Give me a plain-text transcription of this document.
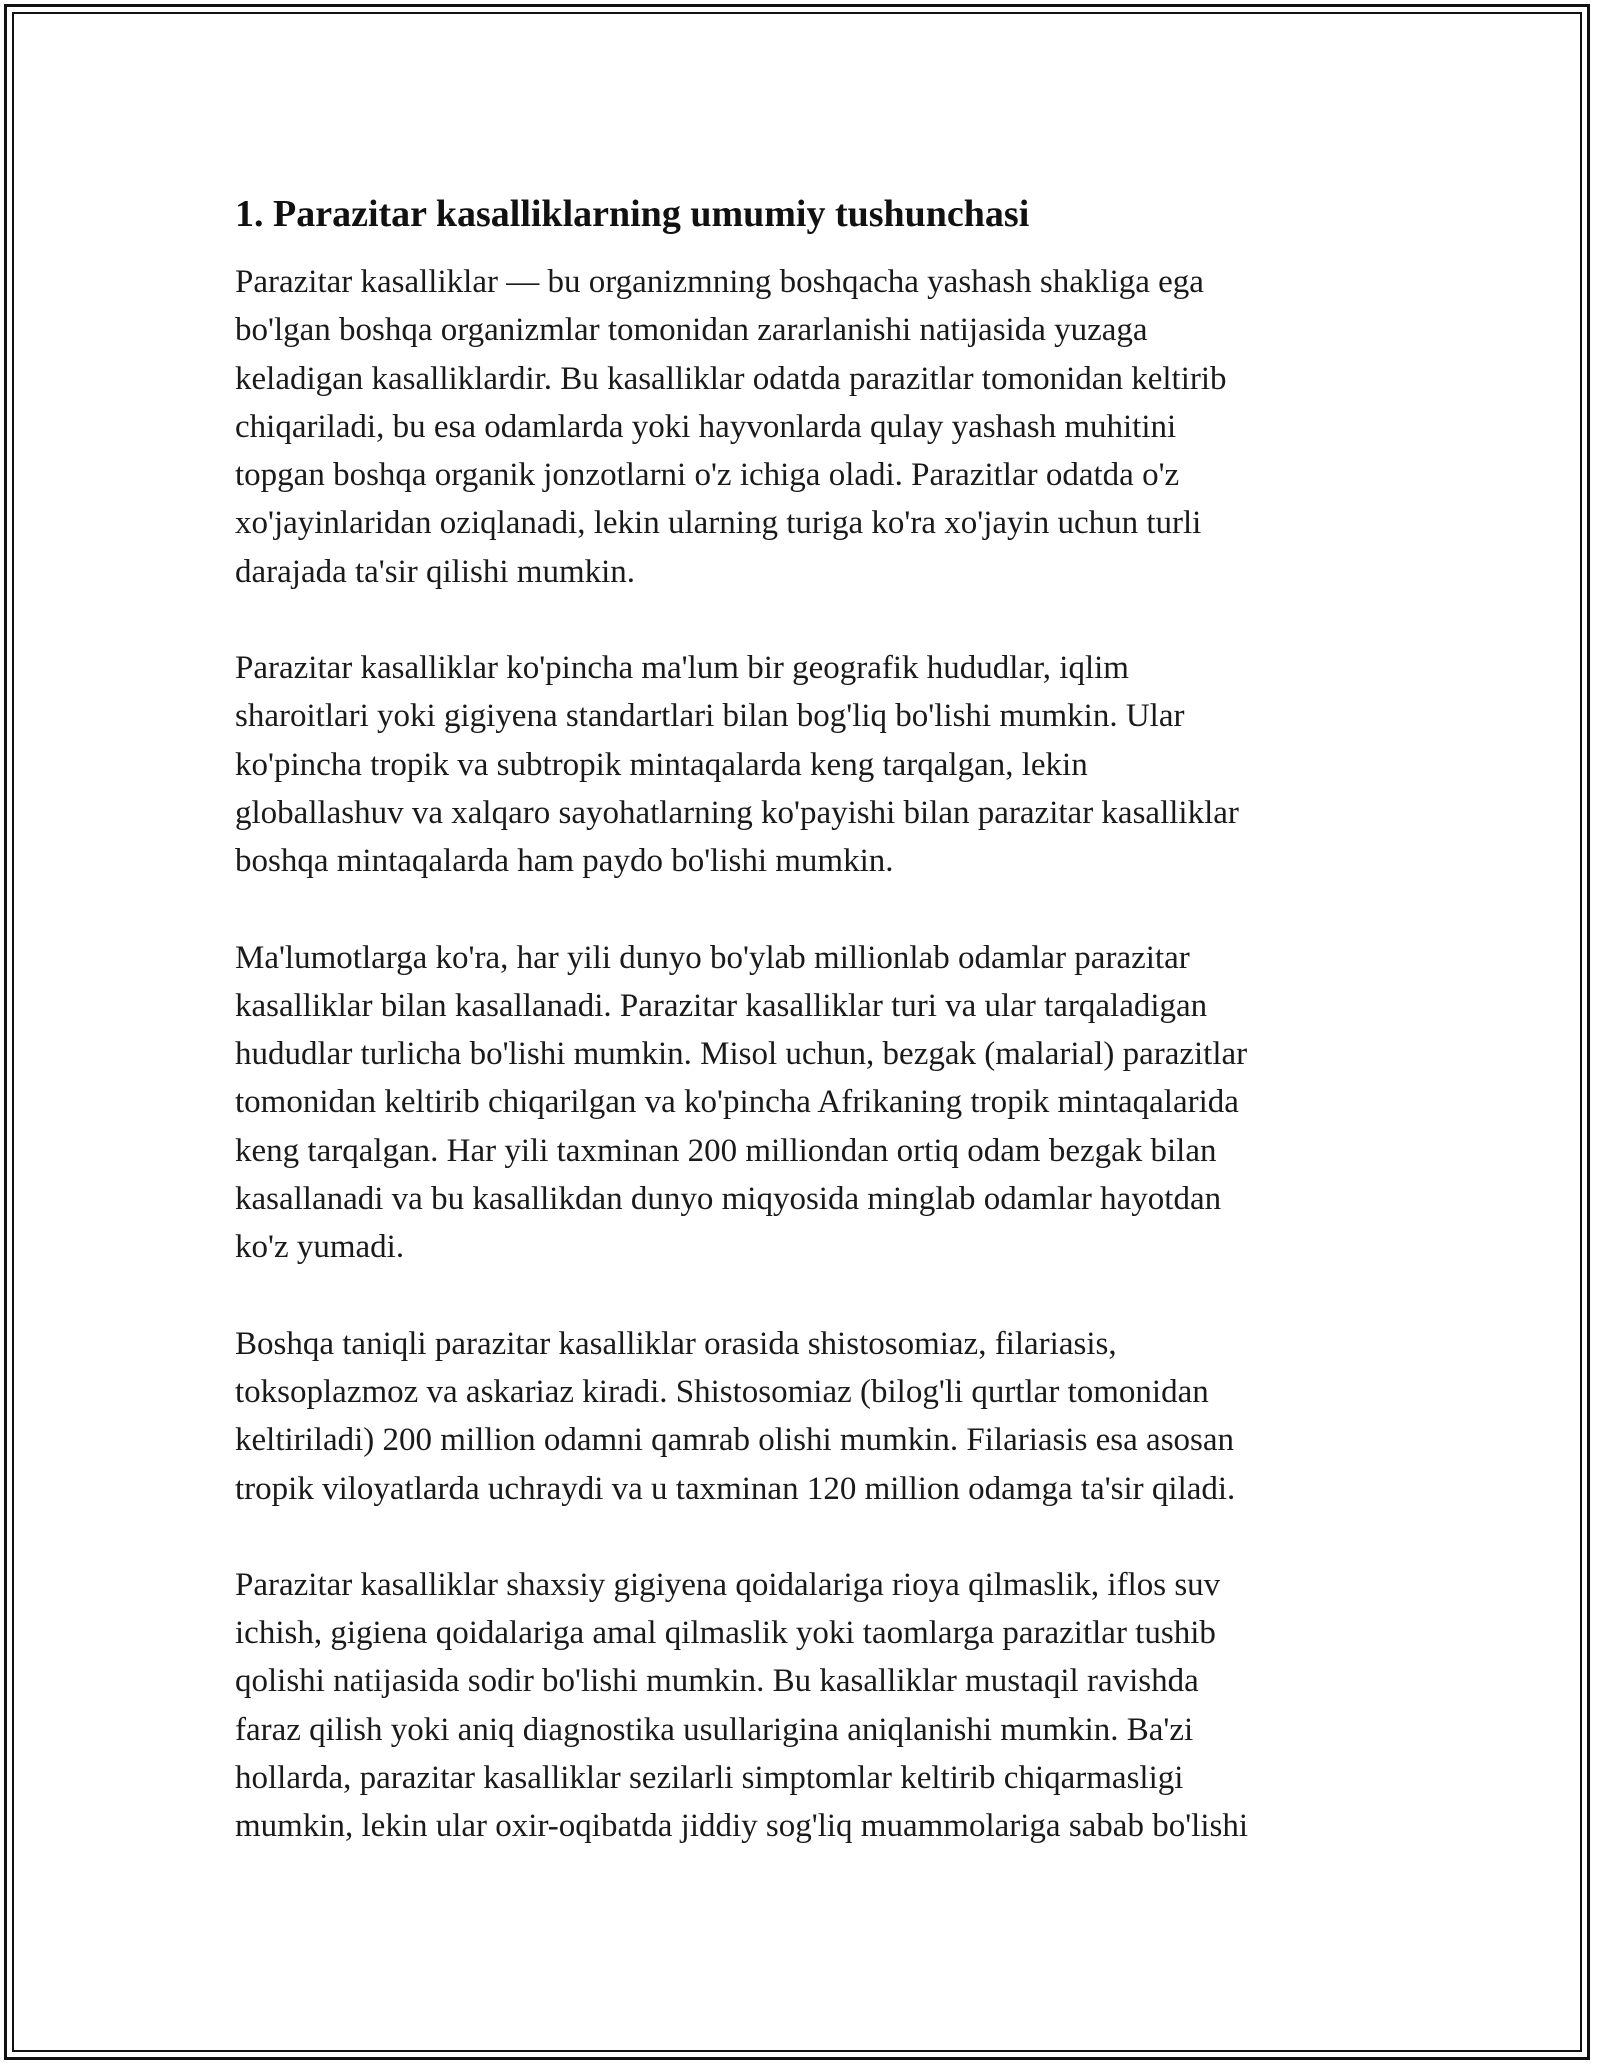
1. Parazitar kasalliklarning umumiy tushunchasi

Parazitar kasalliklar — bu organizmning boshqacha yashash shakliga ega
bo'lgan boshqa organizmlar tomonidan zararlanishi natijasida yuzaga
keladigan kasalliklardir. Bu kasalliklar odatda parazitlar tomonidan keltirib
chiqariladi, bu esa odamlarda yoki hayvonlarda qulay yashash muhitini
topgan boshqa organik jonzotlarni o'z ichiga oladi. Parazitlar odatda o'z
xo'jayinlaridan oziqlanadi, lekin ularning turiga ko'ra xo'jayin uchun turli
darajada ta'sir qilishi mumkin.

Parazitar kasalliklar ko'pincha ma'lum bir geografik hududlar, iqlim
sharoitlari yoki gigiyena standartlari bilan bog'liq bo'lishi mumkin. Ular
ko'pincha tropik va subtropik mintaqalarda keng tarqalgan, lekin
globallashuv va xalqaro sayohatlarning ko'payishi bilan parazitar kasalliklar
boshqa mintaqalarda ham paydo bo'lishi mumkin.

Ma'lumotlarga ko'ra, har yili dunyo bo'ylab millionlab odamlar parazitar
kasalliklar bilan kasallanadi. Parazitar kasalliklar turi va ular tarqaladigan
hududlar turlicha bo'lishi mumkin. Misol uchun, bezgak (malarial) parazitlar
tomonidan keltirib chiqarilgan va ko'pincha Afrikaning tropik mintaqalarida
keng tarqalgan. Har yili taxminan 200 milliondan ortiq odam bezgak bilan
kasallanadi va bu kasallikdan dunyo miqyosida minglab odamlar hayotdan
ko'z yumadi.

Boshqa taniqli parazitar kasalliklar orasida shistosomiaz, filariasis,
toksoplazmoz va askariaz kiradi. Shistosomiaz (bilog'li qurtlar tomonidan
keltiriladi) 200 million odamni qamrab olishi mumkin. Filariasis esa asosan
tropik viloyatlarda uchraydi va u taxminan 120 million odamga ta'sir qiladi.

Parazitar kasalliklar shaxsiy gigiyena qoidalariga rioya qilmaslik, iflos suv
ichish, gigiena qoidalariga amal qilmaslik yoki taomlarga parazitlar tushib
qolishi natijasida sodir bo'lishi mumkin. Bu kasalliklar mustaqil ravishda
faraz qilish yoki aniq diagnostika usullarigina aniqlanishi mumkin. Ba'zi
hollarda, parazitar kasalliklar sezilarli simptomlar keltirib chiqarmasligi
mumkin, lekin ular oxir-oqibatda jiddiy sog'liq muammolariga sabab bo'lishi
